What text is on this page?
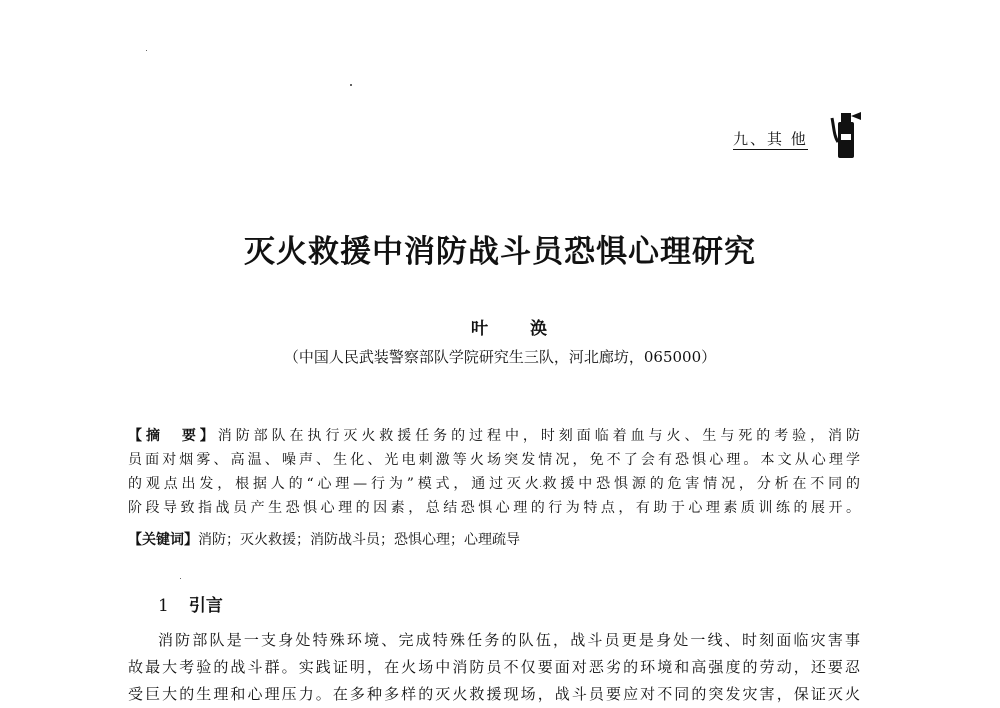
九、其 他
灭火救援中消防战斗员恐惧心理研究
叶 涣
（中国人民武装警察部队学院研究生三队，河北廊坊，065000）
【摘　要】消防部队在执行灭火救援任务的过程中，时刻面临着血与火、生与死的考验，消防
员面对烟雾、高温、噪声、生化、光电刺激等火场突发情况，免不了会有恐惧心理。本文从心理学
的观点出发，根据人的“心理—行为”模式，通过灭火救援中恐惧源的危害情况，分析在不同的
阶段导致指战员产生恐惧心理的因素，总结恐惧心理的行为特点，有助于心理素质训练的展开。
【关键词】消防；灭火救援；消防战斗员；恐惧心理；心理疏导
1 引言
消防部队是一支身处特殊环境、完成特殊任务的队伍，战斗员更是身处一线、时刻面临灾害事
故最大考验的战斗群。实践证明，在火场中消防员不仅要面对恶劣的环境和高强度的劳动，还要忍
受巨大的生理和心理压力。在多种多样的灭火救援现场，战斗员要应对不同的突发灾害，保证灭火
